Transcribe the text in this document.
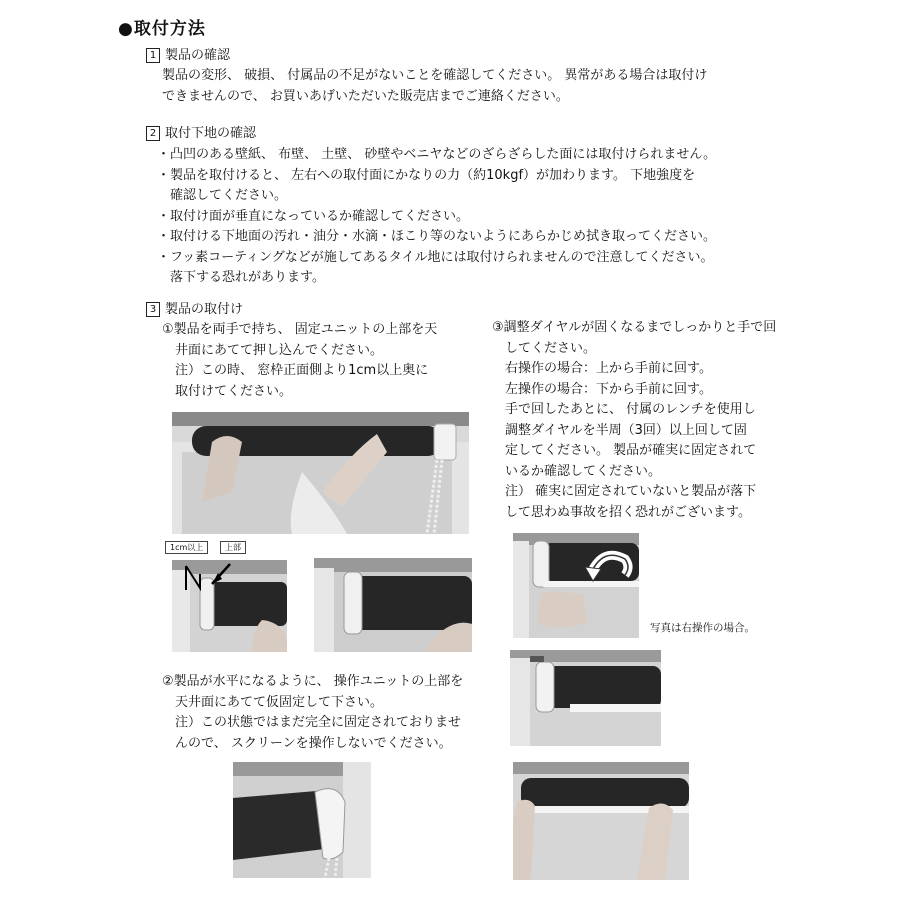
●取付方法
1 製品の確認
製品の変形、 破損、 付属品の不足がないことを確認してください。 異常がある場合は取付け
できませんので、 お買いあげいただいた販売店までご連絡ください。
2 取付下地の確認
・凸凹のある壁紙、 布壁、 土壁、 砂壁やベニヤなどのざらざらした面には取付けられません。
・製品を取付けると、 左右への取付面にかなりの力（約10kgf）が加わります。 下地強度を
　確認してください。
・取付け面が垂直になっているか確認してください。
・取付ける下地面の汚れ・油分・水滴・ほこり等のないようにあらかじめ拭き取ってください。
・フッ素コーティングなどが施してあるタイル地には取付けられませんので注意してください。
　落下する恐れがあります。
3 製品の取付け
①製品を両手で持ち、 固定ユニットの上部を天
　井面にあてて押し込んでください。
　注）この時、 窓枠正面側より1cm以上奥に
　取付けてください。
③調整ダイヤルが固くなるまでしっかりと手で回
　してください。
　右操作の場合：上から手前に回す。
　左操作の場合：下から手前に回す。
　手で回したあとに、 付属のレンチを使用し
　調整ダイヤルを半周（3回）以上回して固
　定してください。 製品が確実に固定されて
　いるか確認してください。
　注） 確実に固定されていないと製品が落下
　して思わぬ事故を招く恐れがございます。
1cm以上	上部
②製品が水平になるように、 操作ユニットの上部を
　天井面にあてて仮固定して下さい。
　注）この状態ではまだ完全に固定されておりませ
　んので、 スクリーンを操作しないでください。
写真は右操作の場合。
